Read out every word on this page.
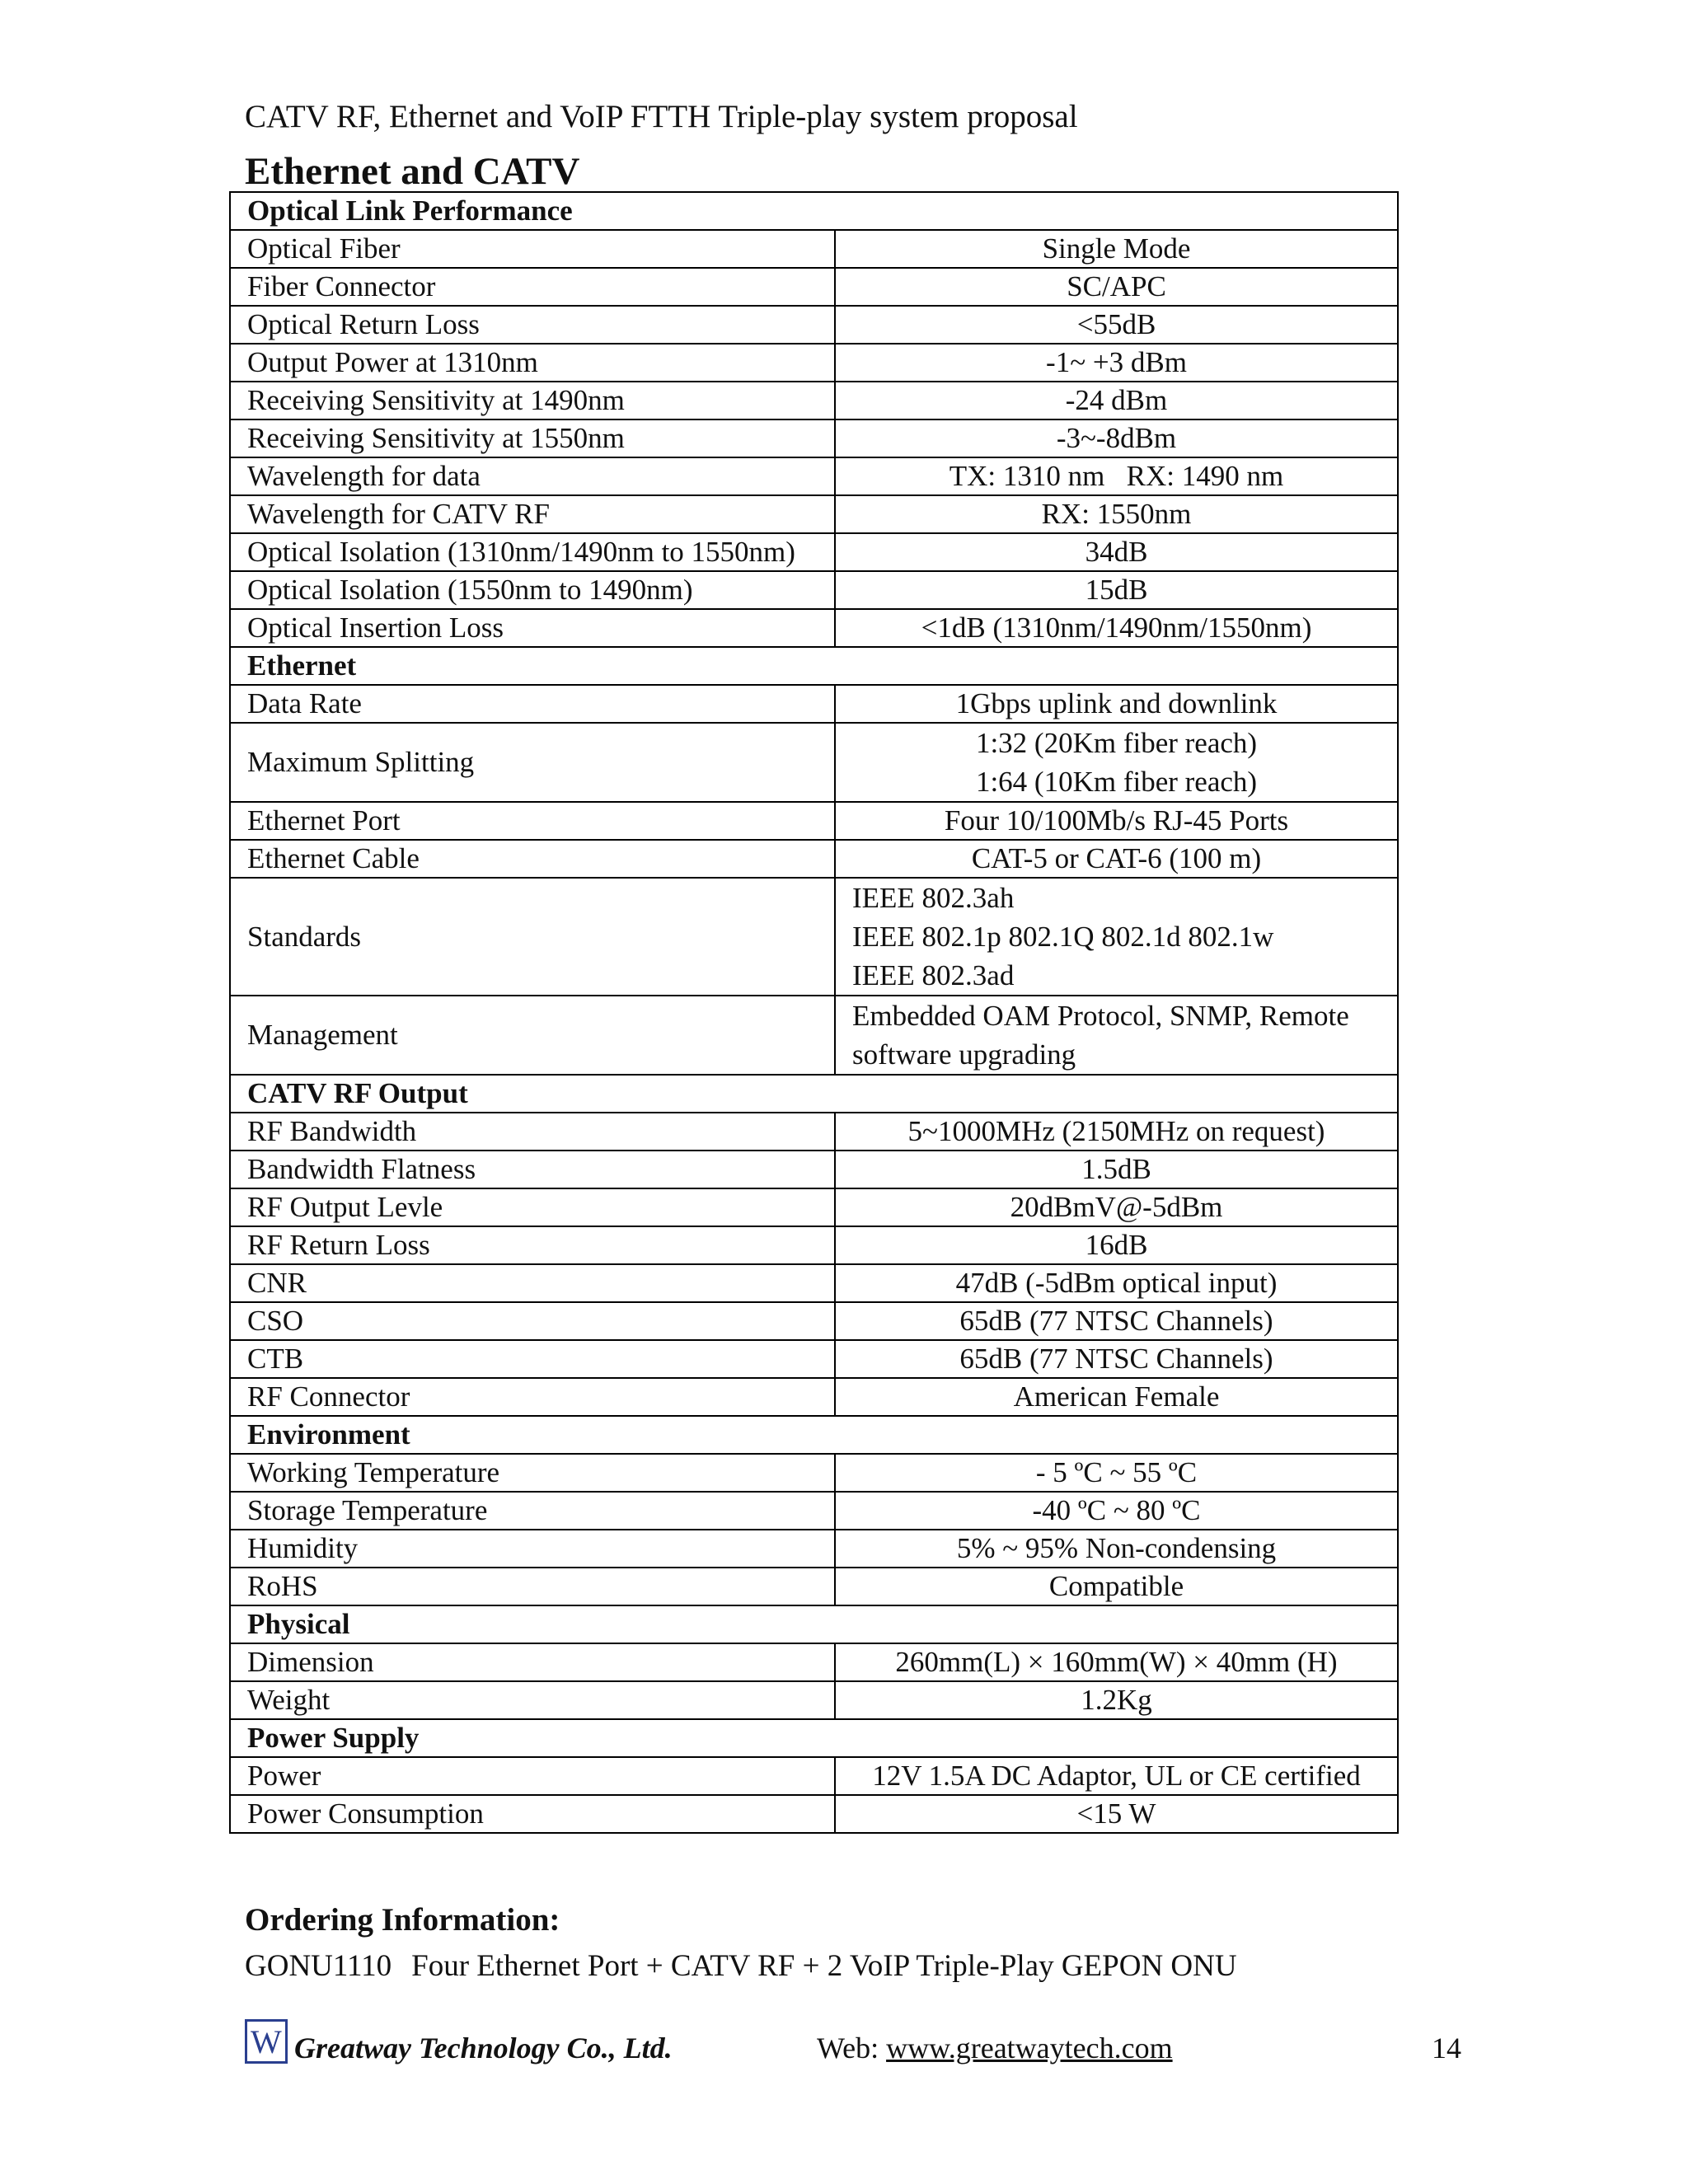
CATV RF, Ethernet and VoIP FTTH Triple-play system proposal
Ethernet and CATV
Optical Link Performance	
Optical Fiber	Single Mode
Fiber Connector	SC/APC
Optical Return Loss	<55dB
Output Power at 1310nm	-1~ +3 dBm
Receiving Sensitivity at 1490nm	-24 dBm
Receiving Sensitivity at 1550nm	-3~-8dBm
Wavelength for data	TX: 1310 nm   RX: 1490 nm
Wavelength for CATV RF	RX: 1550nm
Optical Isolation (1310nm/1490nm to 1550nm)	34dB
Optical Isolation (1550nm to 1490nm)	15dB
Optical Insertion Loss	<1dB (1310nm/1490nm/1550nm)
Ethernet	
Data Rate	1Gbps uplink and downlink
Maximum Splitting	1:32 (20Km fiber reach)
1:64 (10Km fiber reach)

Ethernet Port	Four 10/100Mb/s RJ-45 Ports
Ethernet Cable	CAT-5 or CAT-6 (100 m)
Standards	IEEE 802.3ah
IEEE 802.1p 802.1Q 802.1d 802.1w
IEEE 802.3ad

Management	Embedded OAM Protocol, SNMP, Remote
software upgrading

CATV RF Output	
RF Bandwidth	5~1000MHz (2150MHz on request)
Bandwidth Flatness	1.5dB
RF Output Levle	20dBmV@-5dBm
RF Return Loss	16dB
CNR	47dB (-5dBm optical input)
CSO	65dB (77 NTSC Channels)
CTB	65dB (77 NTSC Channels)
RF Connector	American Female
Environment	
Working Temperature	- 5 ºC ~ 55 ºC
Storage Temperature	-40 ºC ~ 80 ºC
Humidity	5% ~ 95% Non-condensing
RoHS	Compatible
Physical	
Dimension	260mm(L) × 160mm(W) × 40mm (H)
Weight	1.2Kg
Power Supply	
Power	12V 1.5A DC Adaptor, UL or CE certified
Power Consumption	<15 W
Ordering Information:
GONU1110 Four Ethernet Port + CATV RF + 2 VoIP Triple-Play GEPON ONU
W Greatway Technology Co., Ltd.	Web: www.greatwaytech.com	14
